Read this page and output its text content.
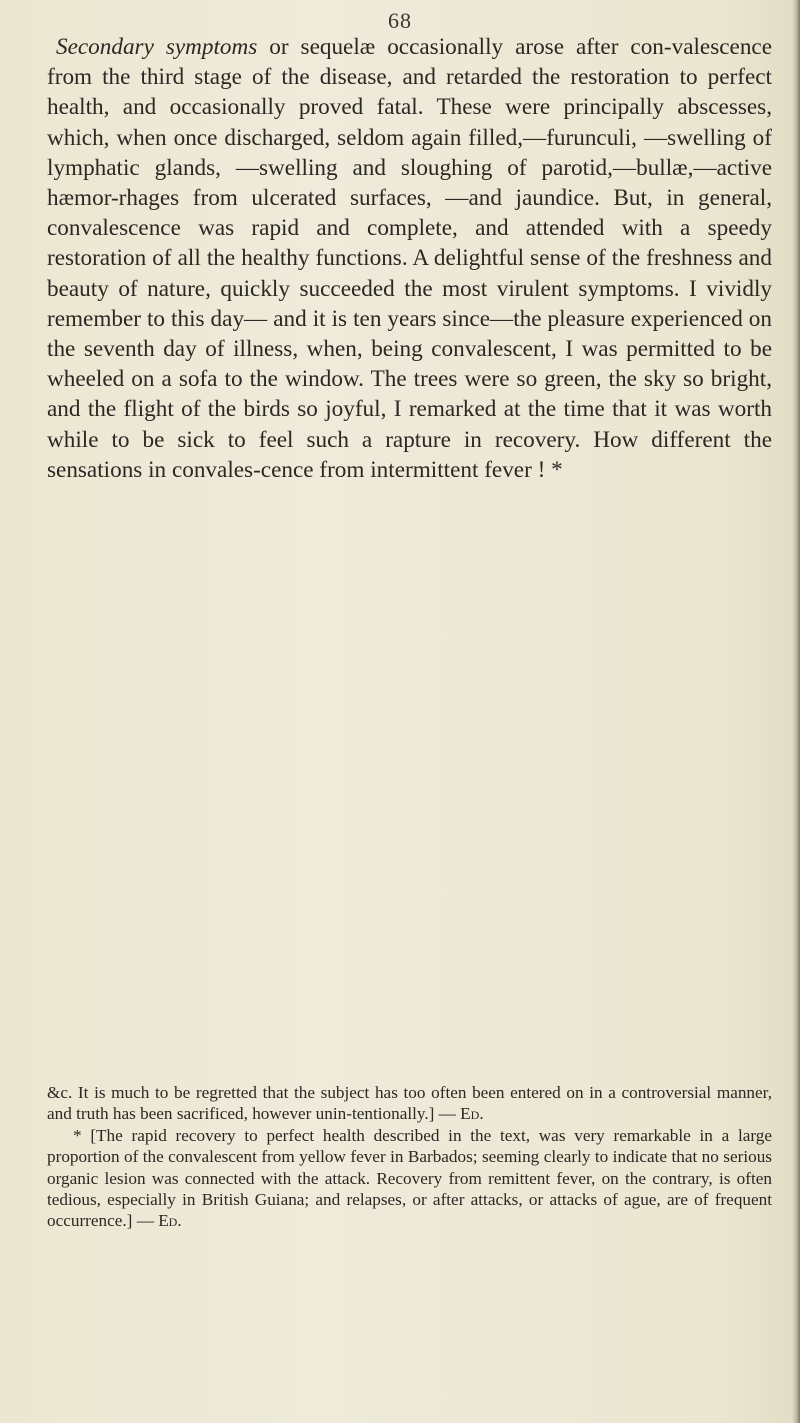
68

Secondary symptoms or sequelæ occasionally arose after con-valescence from the third stage of the disease, and retarded the restoration to perfect health, and occasionally proved fatal. These were principally abscesses, which, when once discharged, seldom again filled,—furunculi, —swelling of lymphatic glands, —swelling and sloughing of parotid,—bullæ,—active hæmor-rhages from ulcerated surfaces, —and jaundice. But, in general, convalescence was rapid and complete, and attended with a speedy restoration of all the healthy functions. A delightful sense of the freshness and beauty of nature, quickly succeeded the most virulent symptoms. I vividly remember to this day— and it is ten years since—the pleasure experienced on the seventh day of illness, when, being convalescent, I was permitted to be wheeled on a sofa to the window. The trees were so green, the sky so bright, and the flight of the birds so joyful, I remarked at the time that it was worth while to be sick to feel such a rapture in recovery. How different the sensations in convales-cence from intermittent fever ! *

&c. It is much to be regretted that the subject has too often been entered on in a controversial manner, and truth has been sacrificed, however unin-tentionally.] — Ed.

* [The rapid recovery to perfect health described in the text, was very remarkable in a large proportion of the convalescent from yellow fever in Barbados; seeming clearly to indicate that no serious organic lesion was connected with the attack. Recovery from remittent fever, on the contrary, is often tedious, especially in British Guiana; and relapses, or after attacks, or attacks of ague, are of frequent occurrence.] — Ed.
